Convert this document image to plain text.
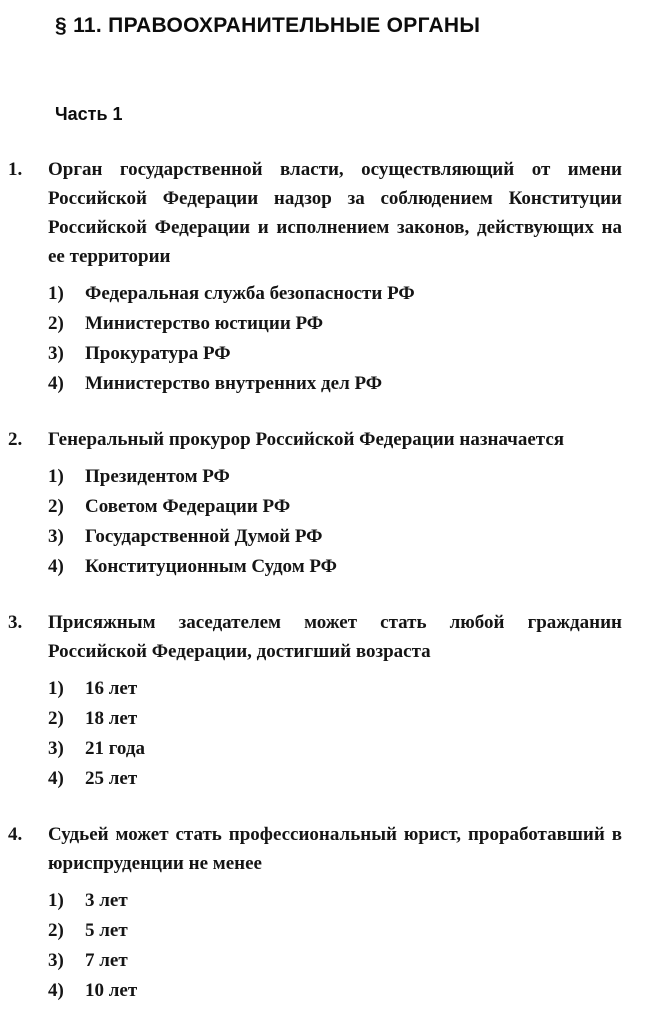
§ 11. ПРАВООХРАНИТЕЛЬНЫЕ ОРГАНЫ
Часть 1
1.	Орган государственной власти, осуществляющий от имени Российской Федерации надзор за соблюдением Конституции Российской Федерации и исполнением законов, действующих на ее территории

1)	Федеральная служба безопасности РФ
2)	Министерство юстиции РФ
3)	Прокуратура РФ
4)	Министерство внутренних дел РФ
2.	Генеральный прокурор Российской Федерации назначается

1)	Президентом РФ
2)	Советом Федерации РФ
3)	Государственной Думой РФ
4)	Конституционным Судом РФ
3.	Присяжным заседателем может стать любой гражданин Российской Федерации, достигший возраста

1)	16 лет
2)	18 лет
3)	21 года
4)	25 лет
4.	Судьей может стать профессиональный юрист, проработавший в юриспруденции не менее

1)	3 лет
2)	5 лет
3)	7 лет
4)	10 лет
